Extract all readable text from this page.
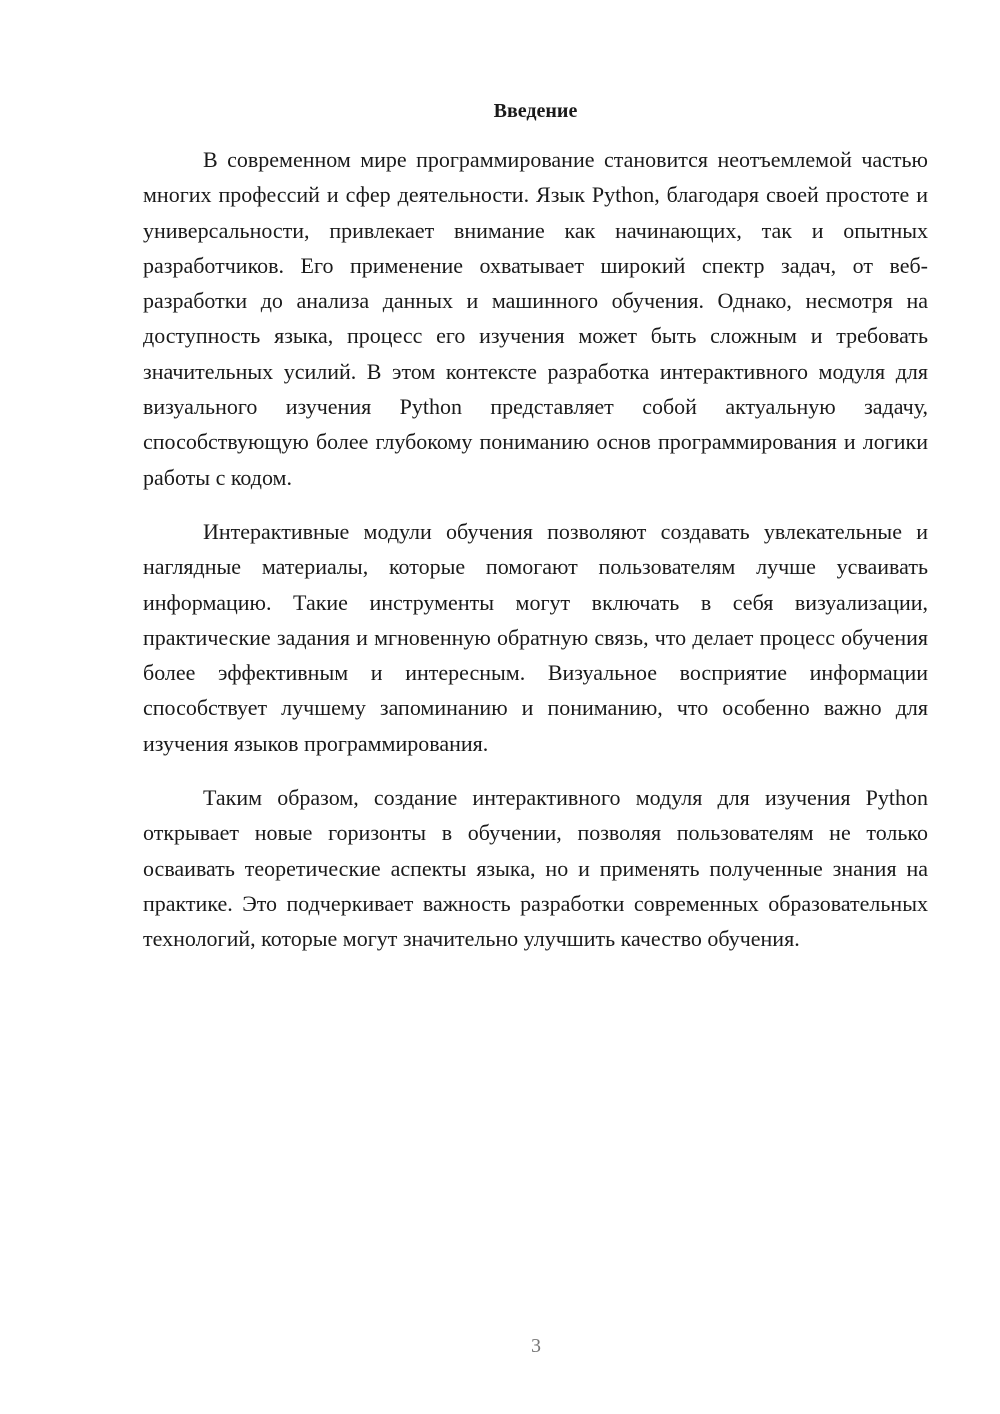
Введение

В современном мире программирование становится неотъемлемой частью многих профессий и сфер деятельности. Язык Python, благодаря своей простоте и универсальности, привлекает внимание как начинающих, так и опытных разработчиков. Его применение охватывает широкий спектр задач, от веб-разработки до анализа данных и машинного обучения. Однако, несмотря на доступность языка, процесс его изучения может быть сложным и требовать значительных усилий. В этом контексте разработка интерактивного модуля для визуального изучения Python представляет собой актуальную задачу, способствующую более глубокому пониманию основ программирования и логики работы с кодом.

Интерактивные модули обучения позволяют создавать увлекательные и наглядные материалы, которые помогают пользователям лучше усваивать информацию. Такие инструменты могут включать в себя визуализации, практические задания и мгновенную обратную связь, что делает процесс обучения более эффективным и интересным. Визуальное восприятие информации способствует лучшему запоминанию и пониманию, что особенно важно для изучения языков программирования.

Таким образом, создание интерактивного модуля для изучения Python открывает новые горизонты в обучении, позволяя пользователям не только осваивать теоретические аспекты языка, но и применять полученные знания на практике. Это подчеркивает важность разработки современных образовательных технологий, которые могут значительно улучшить качество обучения.

3
